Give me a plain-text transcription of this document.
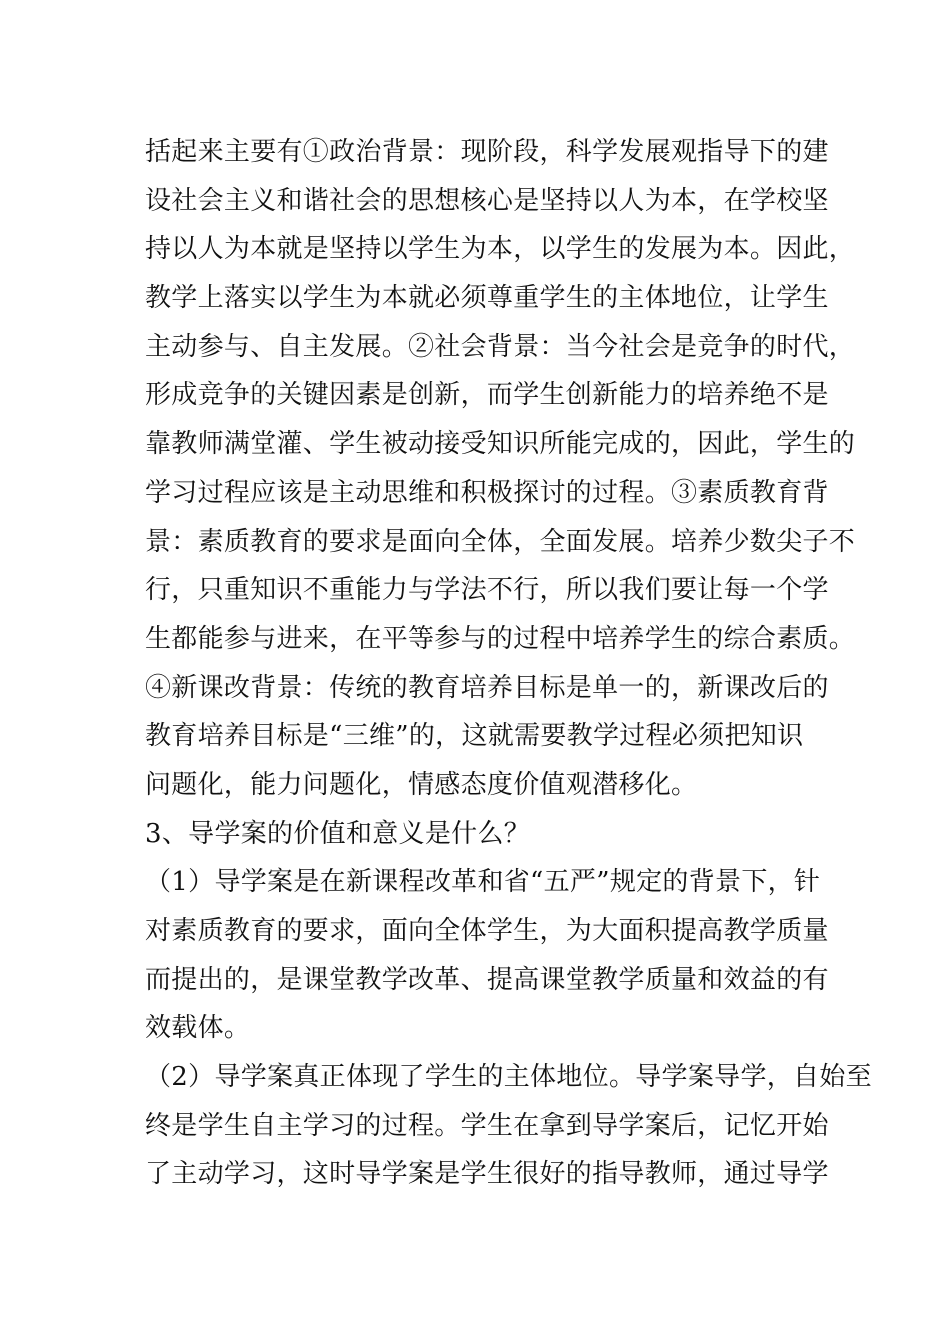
括起来主要有①政治背景：现阶段，科学发展观指导下的建
设社会主义和谐社会的思想核心是坚持以人为本，在学校坚
持以人为本就是坚持以学生为本，以学生的发展为本。因此，
教学上落实以学生为本就必须尊重学生的主体地位，让学生
主动参与、自主发展。②社会背景：当今社会是竞争的时代，
形成竞争的关键因素是创新，而学生创新能力的培养绝不是
靠教师满堂灌、学生被动接受知识所能完成的，因此，学生的
学习过程应该是主动思维和积极探讨的过程。③素质教育背
景：素质教育的要求是面向全体，全面发展。培养少数尖子不
行，只重知识不重能力与学法不行，所以我们要让每一个学
生都能参与进来，在平等参与的过程中培养学生的综合素质。
④新课改背景：传统的教育培养目标是单一的，新课改后的
教育培养目标是“三维”的，这就需要教学过程必须把知识
问题化，能力问题化，情感态度价值观潜移化。
3、导学案的价值和意义是什么？
（1）导学案是在新课程改革和省“五严”规定的背景下，针
对素质教育的要求，面向全体学生，为大面积提高教学质量
而提出的，是课堂教学改革、提高课堂教学质量和效益的有
效载体。
（2）导学案真正体现了学生的主体地位。导学案导学，自始至
终是学生自主学习的过程。学生在拿到导学案后，记忆开始
了主动学习，这时导学案是学生很好的指导教师，通过导学
